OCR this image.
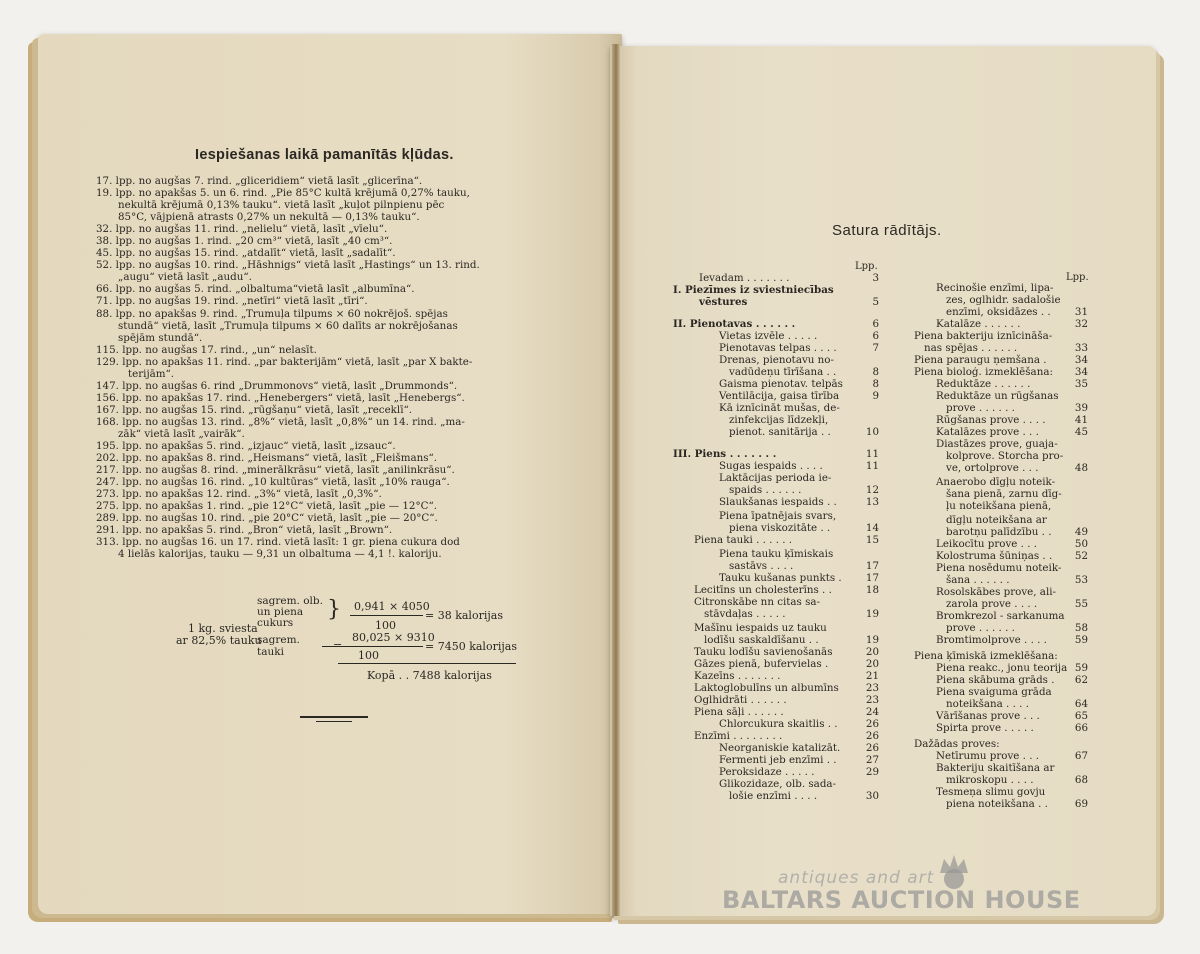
Iespiešanas laikā pamanītās kļūdas.
17. lpp. no augšas 7. rind. „gliceridiem“ vietā lasīt „glicerīna“.
19. lpp. no apakšas 5. un 6. rind. „Pie 85°C kultā krējumā 0,27% tauku,
nekultā krējumā 0,13% tauku“. vietā lasīt „kuļot pilnpienu pēc
85°C, vājpienā atrasts 0,27% un nekultā — 0,13% tauku“.
32. lpp. no augšas 11. rind. „nelielu“ vietā, lasīt „vīelu“.
38. lpp. no augšas 1. rind. „20 cm³“ vietā, lasīt „40 cm³“.
45. lpp. no augšas 15. rind. „atdalīt“ vietā, lasīt „sadalīt“.
52. lpp. no augšas 10. rind. „Hāshnigs“ vietā lasīt „Hastings“ un 13. rind.
„augu“ vietā lasīt „audu“.
66. lpp. no augšas 5. rind. „olbaltuma“vietā lasīt „albumīna“.
71. lpp. no augšas 19. rind. „netīri“ vietā lasīt „tīri“.
88. lpp. no apakšas 9. rind. „Trumuļa tilpums × 60 nokrējoš. spējas
stundā“ vietā, lasīt „Trumuļa tilpums × 60 dalīts ar nokrējošanas
spējām stundā“.
115. lpp. no augšas 17. rind., „un“ nelasīt.
129. lpp. no apakšas 11. rind. „par bakterijām“ vietā, lasīt „par X bakte-
terijām“.
147. lpp. no augšas 6. rind „Drummonovs“ vietā, lasīt „Drummonds“.
156. lpp. no apakšas 17. rind. „Henebergers“ vietā, lasīt „Henebergs“.
167. lpp. no augšas 15. rind. „rūgšaņu“ vietā, lasīt „receklī“.
168. lpp. no augšas 13. rind. „8%“ vietā, lasīt „0,8%“ un 14. rind. „ma-
zāk“ vietā lasīt „vairāk“.
195. lpp. no apakšas 5. rind. „izjauc“ vietā, lasīt „izsauc“.
202. lpp. no apakšas 8. rind. „Heismans“ vietā, lasīt „Fleišmans“.
217. lpp. no augšas 8. rind. „minerālkrāsu“ vietā, lasīt „anilinkrāsu“.
247. lpp. no augšas 16. rind. „10 kultūras“ vietā, lasīt „10% rauga“.
273. lpp. no apakšas 12. rind. „3%“ vietā, lasīt „0,3%“.
275. lpp. no apakšas 1. rind. „pie 12°C“ vietā, lasīt „pie — 12°C“.
289. lpp. no augšas 10. rind. „pie 20°C“ vietā, lasīt „pie — 20°C“.
291. lpp. no apakšas 5. rind. „Bron“ vietā, lasīt „Brown“.
313. lpp. no augšas 16. un 17. rind. vietā lasīt: 1 gr. piena cukura dod
4 lielās kalorijas, tauku — 9,31 un olbaltuma — 4,1 !. kaloriju.
1 kg. sviesta
ar 82,5% tauku
sagrem. olb.
un piena
cukurs
} 0,941 × 4050
100
= 38 kalorijas
sagrem.
tauki
80,025 × 9310
100
= 7450 kalorijas
Kopā . . 7488 kalorijas
Satura rādītājs.
Lpp.
Lpp.
Ievadam . . . . . . .	3
I. Piezīmes iz sviestniecības
vēstures	5
II. Pienotavas . . . . . .	6
Vietas izvēle . . . . .	6
Pienotavas telpas . . . .	7
Drenas, pienotavu no-
vadūdeņu tīrīšana . .	8
Gaisma pienotav. telpās	8
Ventilācija, gaisa tīrība	9
Kā iznīcināt mušas, de-
zinfekcijas līdzekļi,
pienot. sanitārija . .	10
III. Piens . . . . . . .	11
Sugas iespaids . . . .	11
Laktācijas perioda ie-
spaids . . . . . .	12
Slaukšanas iespaids . .	13
Piena īpatnējais svars,
piena viskozitāte . .	14
Piena tauki . . . . . .	15
Piena tauku ķīmiskais
sastāvs . . . .	17
Tauku kušanas punkts .	17
Lecitīns un cholesterīns . .	18
Citronskābe nn citas sa-
stāvdaļas . . . . .	19
Mašīnu iespaids uz tauku
lodīšu saskaldīšanu . .	19
Tauku lodīšu savienošanās	20
Gāzes pienā, bufervielas .	20
Kazeīns . . . . . . .	21
Laktoglobulīns un albumīns	23
Oglhidrāti . . . . . .	23
Piena sāļi . . . . . .	24
Chlorcukura skaitlis . .	26
Enzīmi . . . . . . . .	26
Neorganiskie katalizāt.	26
Fermenti jeb enzīmi . .	27
Peroksidaze . . . . .	29
Glikozidaze, olb. sada-
lošie enzīmi . . . .	30
Recinošie enzīmi, lipa-
zes, oglhidr. sadalošie
enzīmi, oksidāzes . .	31
Katalāze . . . . . .	32
Piena bakteriju iznīcināša-
nas spējas . . . . . .	33
Piena paraugu ņemšana .	34
Piena bioloģ. izmeklēšana:	34
Reduktāze . . . . . .	35
Reduktāze un rūgšanas
prove . . . . . .	39
Rūgšanas prove . . . .	41
Katalāzes prove . . .	45
Diastāzes prove, guaja-
kolprove. Storcha pro-
ve, ortolprove . . .	48
Anaerobo dīgļu noteik-
šana pienā, zarnu dīg-
ļu noteikšana pienā,
dīgļu noteikšana ar
barotņu palīdzību . .	49
Leikocītu prove . . .	50
Kolostruma šūniņas . .	52
Piena nosēdumu noteik-
šana . . . . . .	53
Rosolskābes prove, ali-
zarola prove . . . .	55
Bromkrezol - sarkanuma
prove . . . . . .	58
Bromtimolprove . . . .	59
Piena ķīmiskā izmeklēšana:
Piena reakc., jonu teorija 59
Piena skābuma grāds .	62
Piena svaiguma grāda
noteikšana . . . .	64
Vārīšanas prove . . .	65
Spirta prove . . . . .	66
Dažādas proves:
Netīrumu prove . . .	67
Bakteriju skaitīšana ar
mikroskopu . . . .	68
Tesmeņa slimu govju
piena noteikšana . .	69
antiques and art
BALTARS AUCTION HOUSE
